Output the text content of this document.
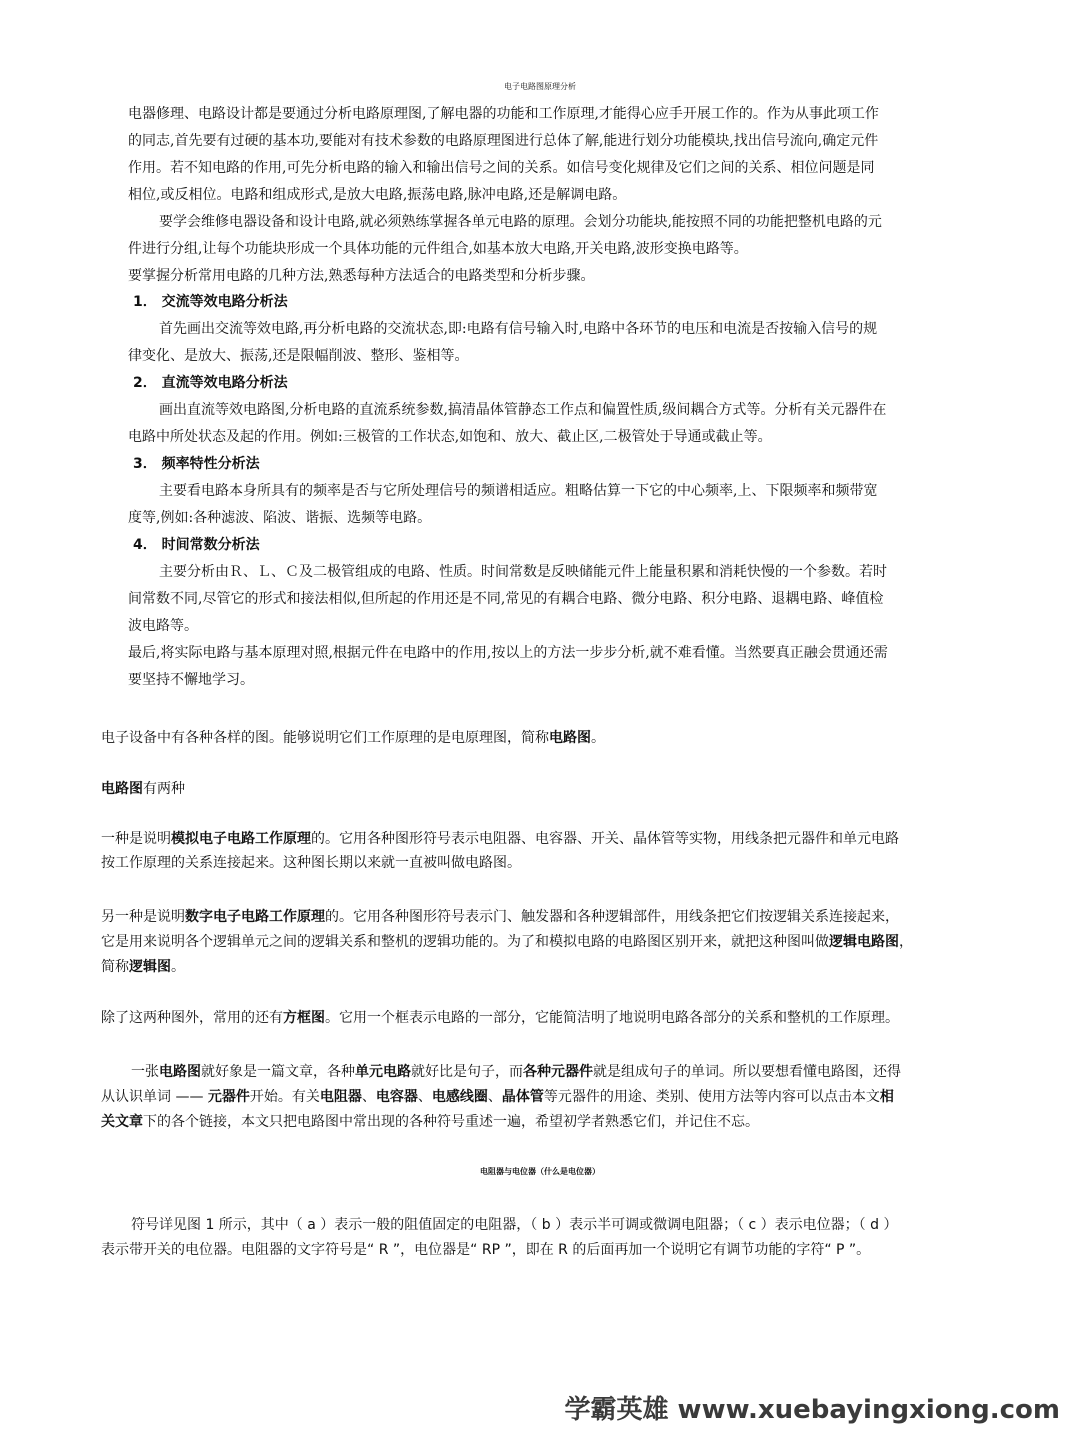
电子电路图原理分析
电器修理、电路设计都是要通过分析电路原理图,了解电器的功能和工作原理,才能得心应手开展工作的。作为从事此项工作
的同志,首先要有过硬的基本功,要能对有技术参数的电路原理图进行总体了解,能进行划分功能模块,找出信号流向,确定元件
作用。若不知电路的作用,可先分析电路的输入和输出信号之间的关系。如信号变化规律及它们之间的关系、相位问题是同
相位,或反相位。电路和组成形式,是放大电路,振荡电路,脉冲电路,还是解调电路。
要学会维修电器设备和设计电路,就必须熟练掌握各单元电路的原理。会划分功能块,能按照不同的功能把整机电路的元
件进行分组,让每个功能块形成一个具体功能的元件组合,如基本放大电路,开关电路,波形变换电路等。
要掌握分析常用电路的几种方法,熟悉每种方法适合的电路类型和分析步骤。
1． 交流等效电路分析法
首先画出交流等效电路,再分析电路的交流状态,即:电路有信号输入时,电路中各环节的电压和电流是否按输入信号的规
律变化、是放大、振荡,还是限幅削波、整形、鉴相等。
2． 直流等效电路分析法
画出直流等效电路图,分析电路的直流系统参数,搞清晶体管静态工作点和偏置性质,级间耦合方式等。分析有关元器件在
电路中所处状态及起的作用。例如:三极管的工作状态,如饱和、放大、截止区,二极管处于导通或截止等。
3． 频率特性分析法
主要看电路本身所具有的频率是否与它所处理信号的频谱相适应。粗略估算一下它的中心频率,上、下限频率和频带宽
度等,例如:各种滤波、陷波、谐振、选频等电路。
4． 时间常数分析法
主要分析由Ｒ、Ｌ、Ｃ及二极管组成的电路、性质。时间常数是反映储能元件上能量积累和消耗快慢的一个参数。若时
间常数不同,尽管它的形式和接法相似,但所起的作用还是不同,常见的有耦合电路、微分电路、积分电路、退耦电路、峰值检
波电路等。
最后,将实际电路与基本原理对照,根据元件在电路中的作用,按以上的方法一步步分析,就不难看懂。当然要真正融会贯通还需
要坚持不懈地学习。
电子设备中有各种各样的图。能够说明它们工作原理的是电原理图，简称电路图。
电路图有两种
一种是说明模拟电子电路工作原理的。它用各种图形符号表示电阻器、电容器、开关、晶体管等实物，用线条把元器件和单元电路
按工作原理的关系连接起来。这种图长期以来就一直被叫做电路图。
另一种是说明数字电子电路工作原理的。它用各种图形符号表示门、触发器和各种逻辑部件，用线条把它们按逻辑关系连接起来，
它是用来说明各个逻辑单元之间的逻辑关系和整机的逻辑功能的。为了和模拟电路的电路图区别开来，就把这种图叫做逻辑电路图，
简称逻辑图。
除了这两种图外，常用的还有方框图。它用一个框表示电路的一部分，它能简洁明了地说明电路各部分的关系和整机的工作原理。
一张电路图就好象是一篇文章，各种单元电路就好比是句子，而各种元器件就是组成句子的单词。所以要想看懂电路图，还得
从认识单词 —— 元器件开始。有关电阻器、电容器、电感线圈、晶体管等元器件的用途、类别、使用方法等内容可以点击本文相
关文章下的各个链接，本文只把电路图中常出现的各种符号重述一遍，希望初学者熟悉它们，并记住不忘。
电阻器与电位器（什么是电位器）
符号详见图 1 所示，其中（ a ）表示一般的阻值固定的电阻器，（ b ）表示半可调或微调电阻器；（ c ）表示电位器；（ d ）
表示带开关的电位器。电阻器的文字符号是“ R ”，电位器是“ RP ”，即在 R 的后面再加一个说明它有调节功能的字符“ P ”。
学霸英雄 www.xuebayingxiong.com
